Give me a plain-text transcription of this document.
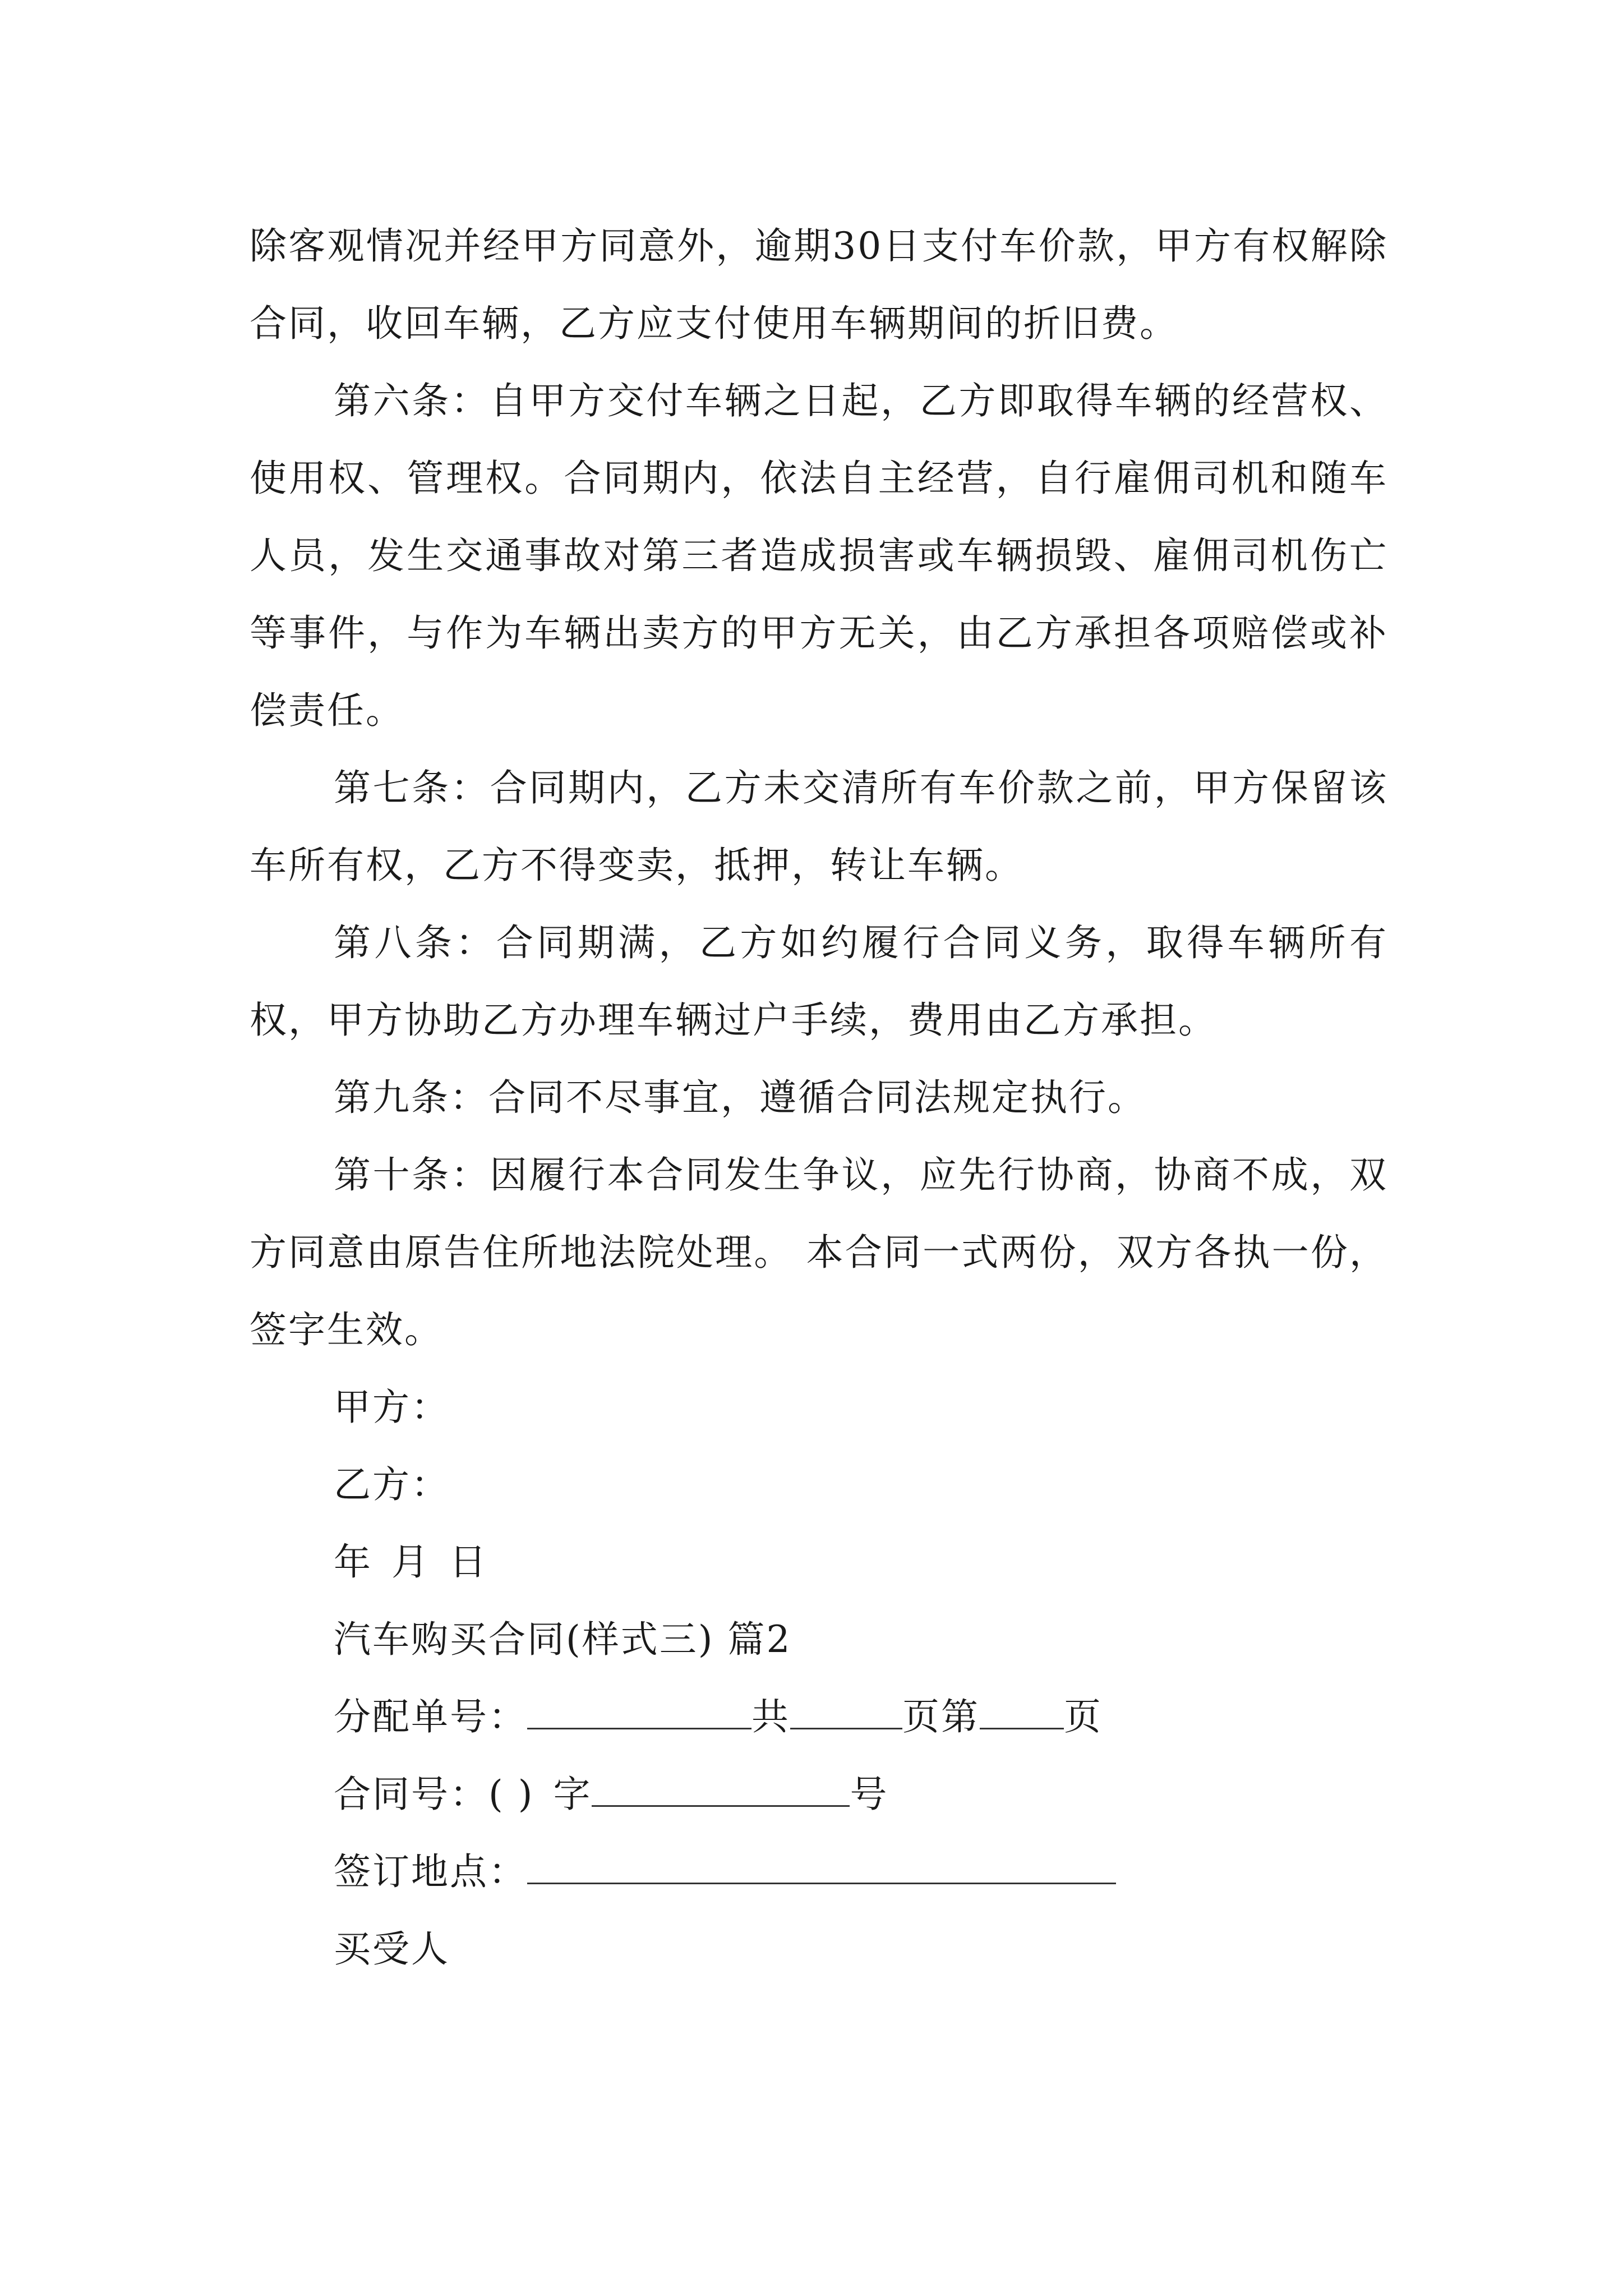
除客观情况并经甲方同意外，逾期30日支付车价款，甲方有权解除合同，收回车辆，乙方应支付使用车辆期间的折旧费。

第六条：自甲方交付车辆之日起，乙方即取得车辆的经营权、使用权、管理权。合同期内，依法自主经营，自行雇佣司机和随车人员，发生交通事故对第三者造成损害或车辆损毁、雇佣司机伤亡等事件，与作为车辆出卖方的甲方无关，由乙方承担各项赔偿或补偿责任。

第七条：合同期内，乙方未交清所有车价款之前，甲方保留该车所有权，乙方不得变卖，抵押，转让车辆。

第八条：合同期满，乙方如约履行合同义务，取得车辆所有权，甲方协助乙方办理车辆过户手续，费用由乙方承担。

第九条：合同不尽事宜，遵循合同法规定执行。

第十条：因履行本合同发生争议，应先行协商，协商不成，双方同意由原告住所地法院处理。 本合同一式两份，双方各执一份，签字生效。

甲方：

乙方：

年 月 日

汽车购买合同(样式三) 篇2

分配单号：	共	页第 页

合同号：( ) 字	号

签订地点：

买受人
